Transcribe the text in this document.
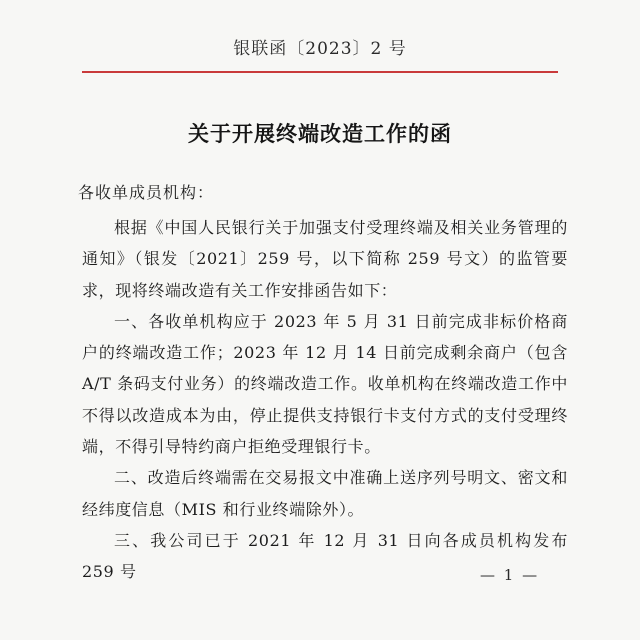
银联函〔2023〕2 号
关于开展终端改造工作的函
各收单成员机构：

根据《中国人民银行关于加强支付受理终端及相关业务管理的通知》（银发〔2021〕259 号，以下简称 259 号文）的监管要求，现将终端改造有关工作安排函告如下：

一、各收单机构应于 2023 年 5 月 31 日前完成非标价格商户的终端改造工作；2023 年 12 月 14 日前完成剩余商户（包含 A/T 条码支付业务）的终端改造工作。收单机构在终端改造工作中不得以改造成本为由，停止提供支持银行卡支付方式的支付受理终端，不得引导特约商户拒绝受理银行卡。

二、改造后终端需在交易报文中准确上送序列号明文、密文和经纬度信息（MIS 和行业终端除外）。

三、我公司已于 2021 年 12 月 31 日向各成员机构发布 259 号	— 1 —
